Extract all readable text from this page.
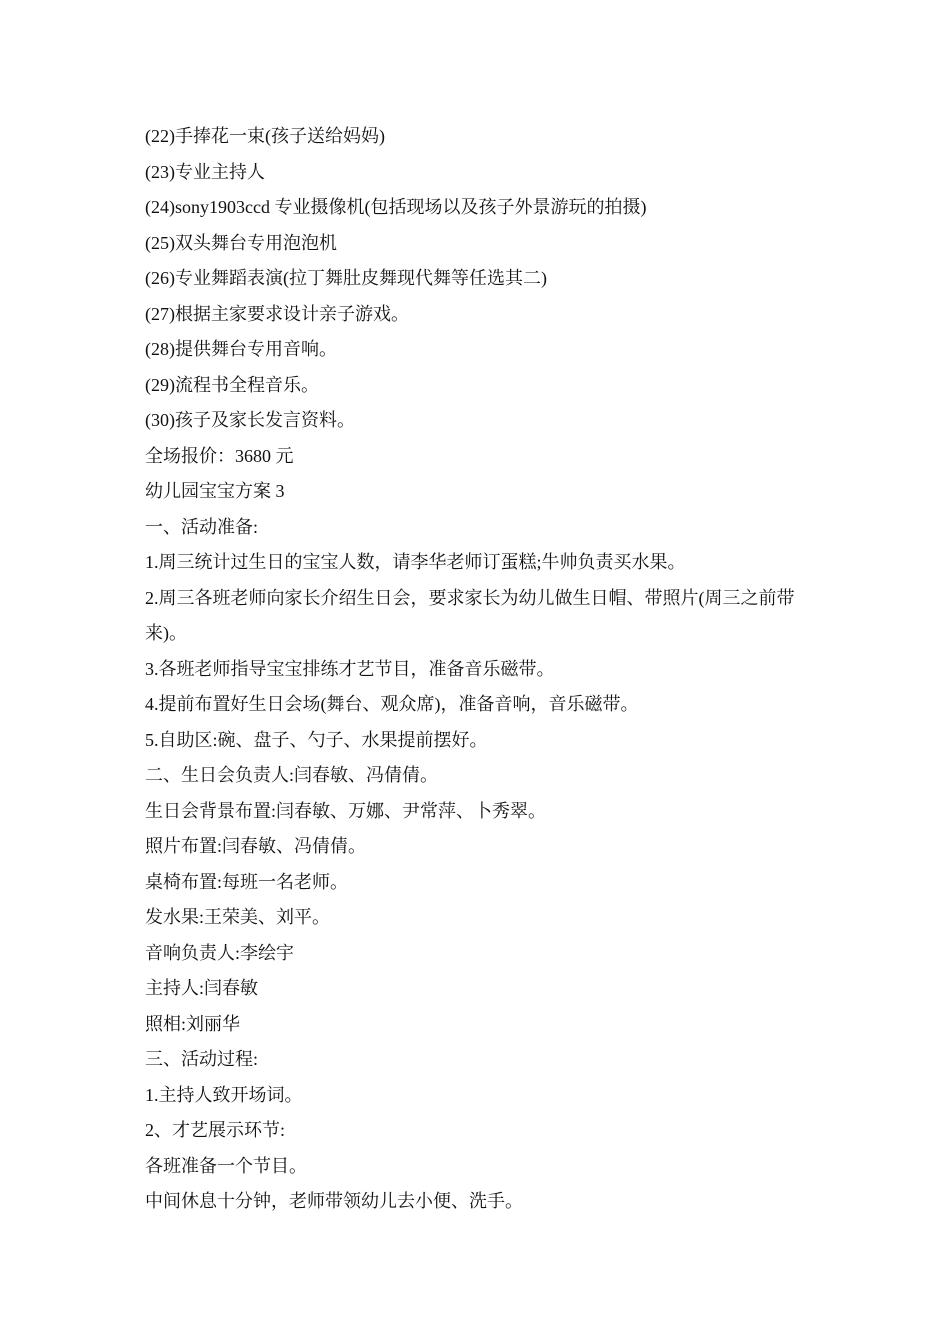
(22)手捧花一束(孩子送给妈妈)
(23)专业主持人
(24)sony1903ccd 专业摄像机(包括现场以及孩子外景游玩的拍摄)
(25)双头舞台专用泡泡机
(26)专业舞蹈表演(拉丁舞肚皮舞现代舞等任选其二)
(27)根据主家要求设计亲子游戏。
(28)提供舞台专用音响。
(29)流程书全程音乐。
(30)孩子及家长发言资料。
全场报价：3680 元
幼儿园宝宝方案 3
一、活动准备:
1.周三统计过生日的宝宝人数，请李华老师订蛋糕;牛帅负责买水果。
2.周三各班老师向家长介绍生日会，要求家长为幼儿做生日帽、带照片(周三之前带来)。
3.各班老师指导宝宝排练才艺节目，准备音乐磁带。
4.提前布置好生日会场(舞台、观众席)，准备音响，音乐磁带。
5.自助区:碗、盘子、勺子、水果提前摆好。
二、生日会负责人:闫春敏、冯倩倩。
生日会背景布置:闫春敏、万娜、尹常萍、卜秀翠。
照片布置:闫春敏、冯倩倩。
桌椅布置:每班一名老师。
发水果:王荣美、刘平。
音响负责人:李绘宇
主持人:闫春敏
照相:刘丽华
三、活动过程:
1.主持人致开场词。
2、才艺展示环节:
各班准备一个节目。
中间休息十分钟，老师带领幼儿去小便、洗手。
